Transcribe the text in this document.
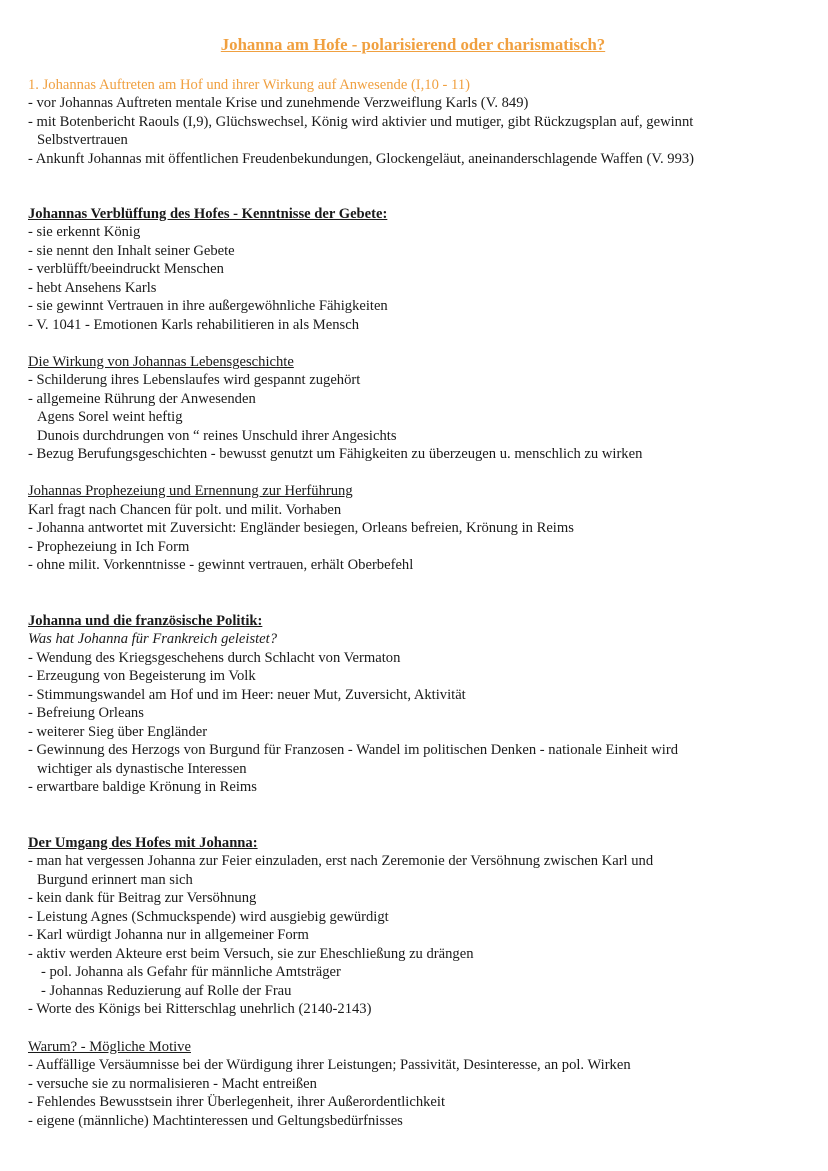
Johanna am Hofe - polarisierend oder charismatisch?
1. Johannas Auftreten am Hof und ihrer Wirkung auf Anwesende (I,10 - 11)
- vor Johannas Auftreten mentale Krise und zunehmende Verzweiflung Karls (V. 849)
- mit Botenbericht Raouls (I,9), Glüchswechsel, König wird aktivier und mutiger, gibt Rückzugsplan auf, gewinnt
Selbstvertrauen
- Ankunft Johannas mit öffentlichen Freudenbekundungen, Glockengeläut, aneinanderschlagende Waffen (V. 993)
Johannas Verblüffung des Hofes - Kenntnisse der Gebete:
- sie erkennt König
- sie nennt den Inhalt seiner Gebete
- verblüfft/beeindruckt Menschen
- hebt Ansehens Karls
- sie gewinnt Vertrauen in ihre außergewöhnliche Fähigkeiten
- V. 1041 - Emotionen Karls rehabilitieren in als Mensch
Die Wirkung von Johannas Lebensgeschichte
- Schilderung ihres Lebenslaufes wird gespannt zugehört
- allgemeine Rührung der Anwesenden
Agens Sorel weint heftig
Dunois durchdrungen von “ reines Unschuld ihrer Angesichts
- Bezug Berufungsgeschichten - bewusst genutzt um Fähigkeiten zu überzeugen u. menschlich zu wirken
Johannas Prophezeiung und Ernennung zur Herführung
Karl fragt nach Chancen für polt. und milit. Vorhaben
- Johanna antwortet mit Zuversicht: Engländer besiegen, Orleans befreien, Krönung in Reims
- Prophezeiung in Ich Form
- ohne milit. Vorkenntnisse - gewinnt vertrauen, erhält Oberbefehl
Johanna und die französische Politik:
Was hat Johanna für Frankreich geleistet?
- Wendung des Kriegsgeschehens durch Schlacht von Vermaton
- Erzeugung von Begeisterung im Volk
- Stimmungswandel am Hof und im Heer: neuer Mut, Zuversicht, Aktivität
- Befreiung Orleans
- weiterer Sieg über Engländer
- Gewinnung des Herzogs von Burgund für Franzosen - Wandel im politischen Denken - nationale Einheit wird
wichtiger als dynastische Interessen
- erwartbare baldige Krönung in Reims
Der Umgang des Hofes mit Johanna:
- man hat vergessen Johanna zur Feier einzuladen, erst nach Zeremonie der Versöhnung zwischen Karl und
Burgund erinnert man sich
- kein dank für Beitrag zur Versöhnung
- Leistung Agnes (Schmuckspende) wird ausgiebig gewürdigt
- Karl würdigt Johanna nur in allgemeiner Form
- aktiv werden Akteure erst beim Versuch, sie zur Eheschließung zu drängen
- pol. Johanna als Gefahr für männliche Amtsträger
- Johannas Reduzierung auf Rolle der Frau
- Worte des Königs bei Ritterschlag unehrlich (2140-2143)
Warum? - Mögliche Motive
- Auffällige Versäumnisse bei der Würdigung ihrer Leistungen; Passivität, Desinteresse, an pol. Wirken
- versuche sie zu normalisieren - Macht entreißen
- Fehlendes Bewusstsein ihrer Überlegenheit, ihrer Außerordentlichkeit
- eigene (männliche) Machtinteressen und Geltungsbedürfnisses
